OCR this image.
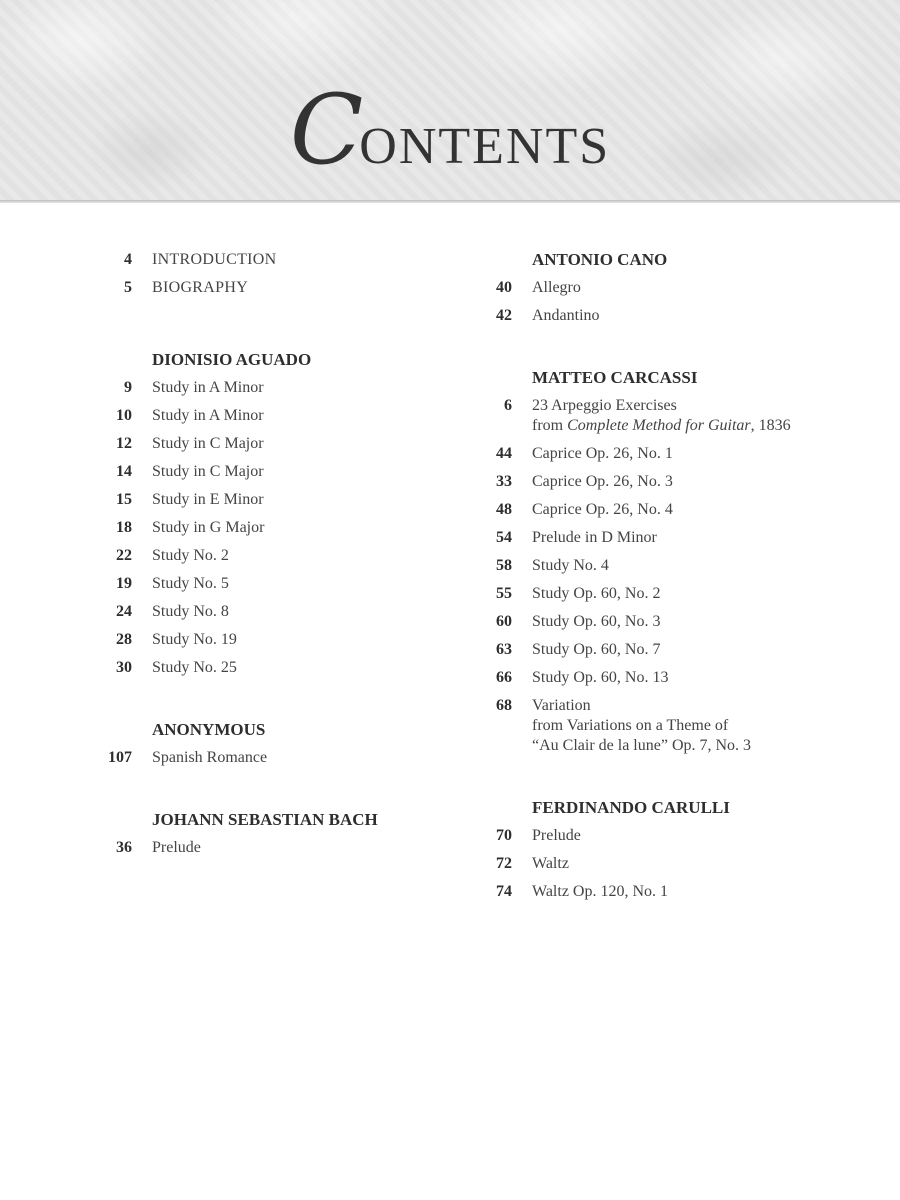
CONTENTS
4 INTRODUCTION
5 BIOGRAPHY
DIONISIO AGUADO
9 Study in A Minor
10 Study in A Minor
12 Study in C Major
14 Study in C Major
15 Study in E Minor
18 Study in G Major
22 Study No. 2
19 Study No. 5
24 Study No. 8
28 Study No. 19
30 Study No. 25
ANONYMOUS
107 Spanish Romance
JOHANN SEBASTIAN BACH
36 Prelude
ANTONIO CANO
40 Allegro
42 Andantino
MATTEO CARCASSI
6 23 Arpeggio Exercises
from Complete Method for Guitar, 1836
44 Caprice Op. 26, No. 1
33 Caprice Op. 26, No. 3
48 Caprice Op. 26, No. 4
54 Prelude in D Minor
58 Study No. 4
55 Study Op. 60, No. 2
60 Study Op. 60, No. 3
63 Study Op. 60, No. 7
66 Study Op. 60, No. 13
68 Variation
from Variations on a Theme of
“Au Clair de la lune” Op. 7, No. 3
FERDINANDO CARULLI
70 Prelude
72 Waltz
74 Waltz Op. 120, No. 1
